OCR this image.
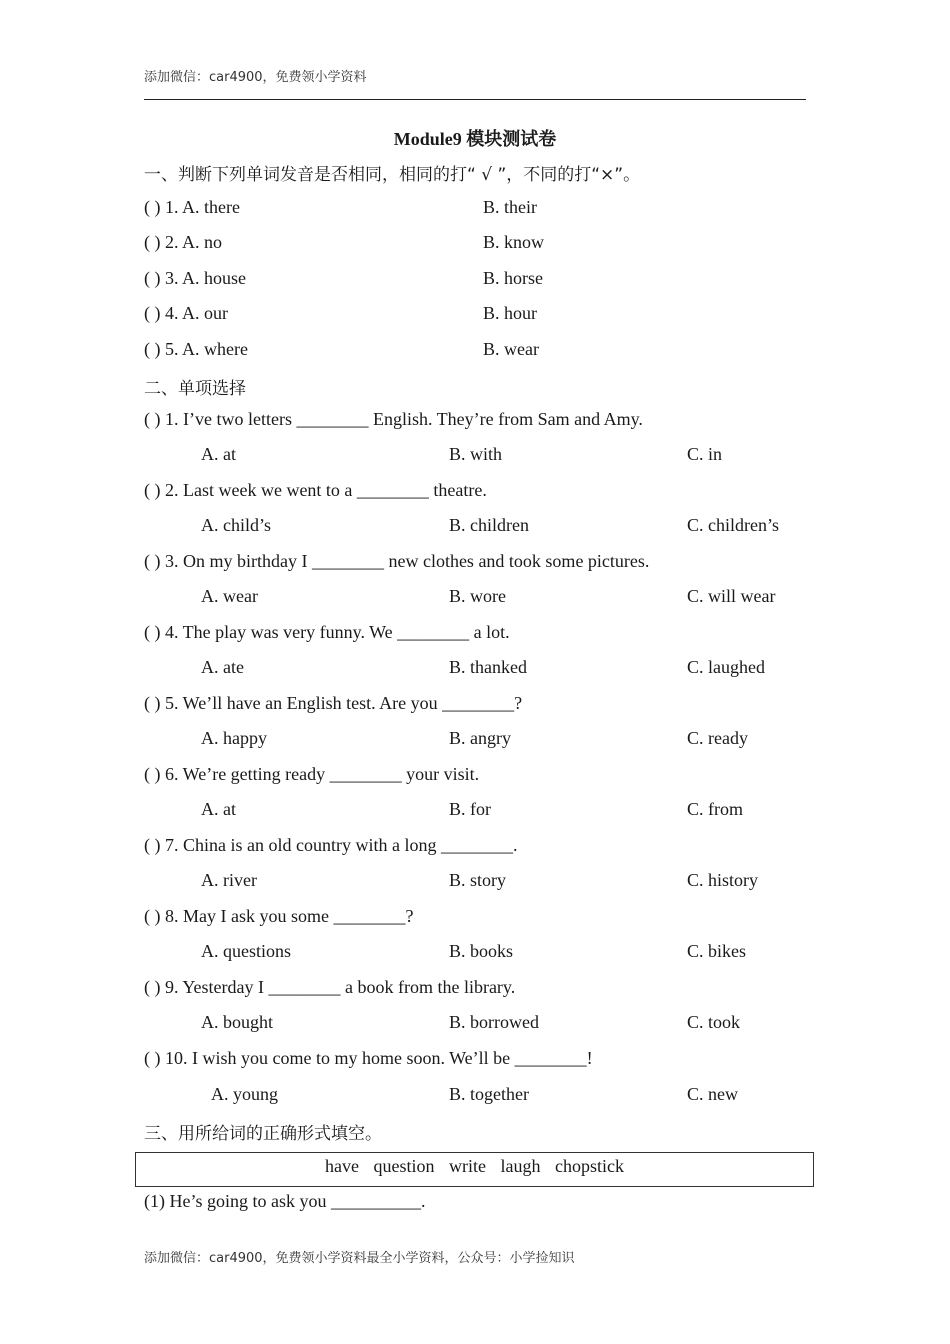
添加微信：car4900，免费领小学资料
Module9 模块测试卷
一、判断下列单词发音是否相同，相同的打“ √ ”，不同的打“×”。
( ) 1. A. there	B. their
( ) 2. A. no	B. know
( ) 3. A. house	B. horse
( ) 4. A. our	B. hour
( ) 5. A. where	B. wear
二、单项选择
( ) 1. I’ve two letters ________ English. They’re from Sam and Amy.
A. at	B. with	C. in
( ) 2. Last week we went to a ________ theatre.
A. child’s	B. children	C. children’s
( ) 3. On my birthday I ________ new clothes and took some pictures.
A. wear	B. wore	C. will wear
( ) 4. The play was very funny. We ________ a lot.
A. ate	B. thanked	C. laughed
( ) 5. We’ll have an English test. Are you ________?
A. happy	B. angry	C. ready
( ) 6. We’re getting ready ________ your visit.
A. at	B. for	C. from
( ) 7. China is an old country with a long ________.
A. river	B. story	C. history
( ) 8. May I ask you some ________?
A. questions	B. books	C. bikes
( ) 9. Yesterday I ________ a book from the library.
A. bought	B. borrowed	C. took
( ) 10. I wish you come to my home soon. We’ll be ________!
A. young	B. together	C. new
三、用所给词的正确形式填空。
have question write laugh chopstick
(1) He’s going to ask you __________.
添加微信：car4900，免费领小学资料最全小学资料，公众号：小学捡知识
